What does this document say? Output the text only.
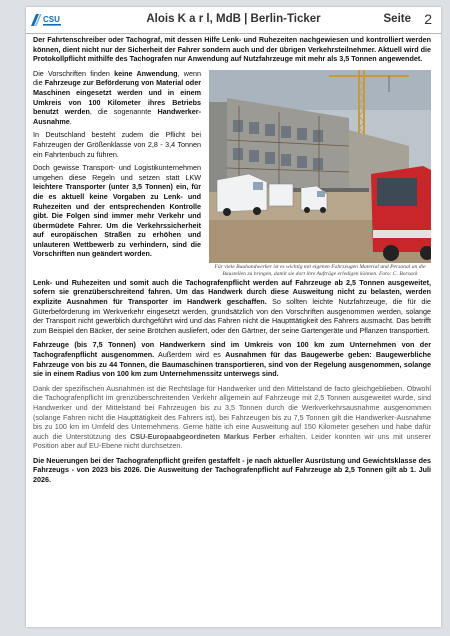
CSU	Alois K a r l, MdB | Berlin-Ticker	Seite 2

Der Fahrtenschreiber oder Tachograf, mit dessen Hilfe Lenk- und Ruhezeiten nachgewiesen und kontrolliert werden können, dient nicht nur der Sicherheit der Fahrer sondern auch und der übrigen Verkehrsteilnehmer. Aktuell wird die Protokollpflicht mithilfe des Tachografen nur Anwendung auf Nutzfahrzeuge mit mehr als 3,5 Tonnen angewendet.

Für viele Bauhandwerker ist es wichtig mit eigenen Fahrzeugen Material und Personal an die Baustellen zu bringen, damit sie dort ihre Aufträge erledigen können. Foto: C. Borsack

Die Vorschriften finden keine Anwendung, wenn die Fahrzeuge zur Beförderung von Material oder Maschinen eingesetzt werden und in einem Umkreis von 100 Kilometer ihres Betriebs benutzt werden, die sogenannte Handwerker-Ausnahme.

In Deutschland besteht zudem die Pflicht bei Fahrzeugen der Größenklasse von 2,8 - 3,4 Tonnen ein Fahrtenbuch zu führen.

Doch gewisse Transport- und Logistikunternehmen umgehen diese Regeln und setzen statt LKW leichtere Transporter (unter 3,5 Tonnen) ein, für die es aktuell keine Vorgaben zu Lenk- und Ruhezeiten und der entsprechenden Kontrolle gibt. Die Folgen sind immer mehr Verkehr und übermüdete Fahrer. Um die Verkehrssicherheit auf europäischen Straßen zu erhöhen und unlauteren Wettbewerb zu verhindern, sind die Vorschriften nun geändert worden.

Lenk- und Ruhezeiten und somit auch die Tachografenpflicht werden auf Fahrzeuge ab 2,5 Tonnen ausgeweitet, sofern sie grenzüberschreitend fahren. Um das Handwerk durch diese Ausweitung nicht zu belasten, werden explizite Ausnahmen für Transporter im Handwerk geschaffen. So sollten leichte Nutzfahrzeuge, die für die Güterbeförderung im Werkverkehr eingesetzt werden, grundsätzlich von den Vorschriften ausgenommen werden, solange der Transport nicht gewerblich durchgeführt wird und das Fahren nicht die Hauptttätigkeit des Fahrers ausmacht. Das betrifft zum Beispiel den Bäcker, der seine Brötchen ausliefert, oder den Gärtner, der seine Gartengeräte und Pflanzen transportiert.

Fahrzeuge (bis 7,5 Tonnen) von Handwerkern sind im Umkreis von 100 km zum Unternehmen von der Tachografenpflicht ausgenommen. Außerdem wird es Ausnahmen für das Baugewerbe geben: Baugewerbliche Fahrzeuge von bis zu 44 Tonnen, die Baumaschinen transportieren, sind von der Regelung ausgenommen, solange sie in einem Radius von 100 km zum Unternehmenssitz unterwegs sind.

Dank der spezifischen Ausnahmen ist die Rechtslage für Handwerker und den Mittelstand de facto gleichgeblieben. Obwohl die Tachografenpflicht im grenzüberschreitenden Verkehr allgemein auf Fahrzeuge mit 2,5 Tonnen ausgeweitet wurde, sind Handwerker und der Mittelstand bei Fahrzeugen bis zu 3,5 Tonnen durch die Werkverkehrsausnahme ausgenommen (solange Fahren nicht die Haupttätigkeit des Fahrers ist), bei Fahrzeugen bis zu 7,5 Tonnen gilt die Handwerker-Ausnahme bis zu 100 km im Umfeld des Unternehmens. Gerne hätte ich eine Ausweitung auf 150 Kilometer gesehen und habe dafür auch die Unterstützung des CSU-Europaabgeordneten Markus Ferber erhalten. Leider konnten wir uns mit unserer Position aber auf EU-Ebene nicht durchsetzen.

Die Neuerungen bei der Tachografenpflicht greifen gestaffelt - je nach aktueller Ausrüstung und Gewichtsklasse des Fahrzeugs - von 2023 bis 2026. Die Ausweitung der Tachografenpflicht auf Fahrzeuge ab 2,5 Tonnen gilt ab 1. Juli 2026.
